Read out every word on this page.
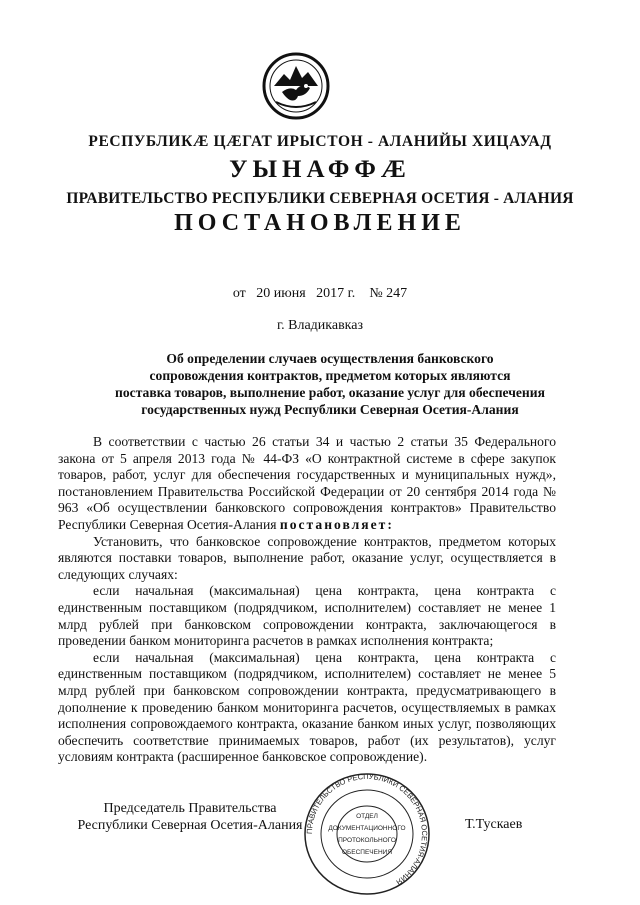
РЕСПУБЛИКӔ ЦӔГАТ ИРЫСТОН - АЛАНИЙЫ ХИЦАУАД
УЫНАФФӔ
ПРАВИТЕЛЬСТВО РЕСПУБЛИКИ СЕВЕРНАЯ ОСЕТИЯ - АЛАНИЯ
ПОСТАНОВЛЕНИЕ
от 20 июня 2017 г. № 247
г. Владикавказ
Об определении случаев осуществления банковского
сопровождения контрактов, предметом которых являются
поставка товаров, выполнение работ, оказание услуг для обеспечения
государственных нужд Республики Северная Осетия-Алания

В соответствии с частью 26 статьи 34 и частью 2 статьи 35 Федерального закона от 5 апреля 2013 года № 44-ФЗ «О контрактной системе в сфере закупок товаров, работ, услуг для обеспечения государственных и муниципальных нужд», постановлением Правительства Российской Федерации от 20 сентября 2014 года № 963 «Об осуществлении банковского сопровождения контрактов» Правительство Республики Северная Осетия-Алания постановляет:

Установить, что банковское сопровождение контрактов, предметом которых являются поставки товаров, выполнение работ, оказание услуг, осуществляется в следующих случаях:

если начальная (максимальная) цена контракта, цена контракта с единственным поставщиком (подрядчиком, исполнителем) составляет не менее 1 млрд рублей при банковском сопровождении контракта, заключающегося в проведении банком мониторинга расчетов в рамках исполнения контракта;

если начальная (максимальная) цена контракта, цена контракта с единственным поставщиком (подрядчиком, исполнителем) составляет не менее 5 млрд рублей при банковском сопровождении контракта, предусматривающего в дополнение к проведению банком мониторинга расчетов, осуществляемых в рамках исполнения сопровождаемого контракта, оказание банком иных услуг, позволяющих обеспечить соответствие принимаемых товаров, работ (их результатов), услуг условиям контракта (расширенное банковское сопровождение).

Председатель Правительства
Республики Северная Осетия-Алания ПРАВИТЕЛЬСТВО РЕСПУБЛИКИ СЕВЕРНАЯ ОСЕТИЯ-АЛАНИЯ
ОТДЕЛ
ДОКУМЕНТАЦИОННОГО
ПРОТОКОЛЬНОГО
ОБЕСПЕЧЕНИЯ
Т.Тускаев
